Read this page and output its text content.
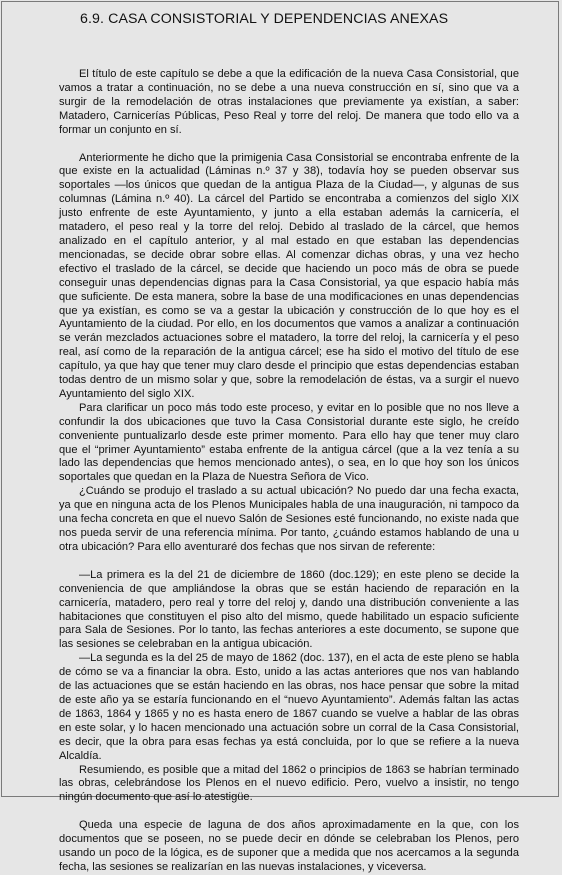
6.9. CASA CONSISTORIAL Y DEPENDENCIAS ANEXAS

El título de este capítulo se debe a que la edificación de la nueva Casa Consistorial, que vamos a tratar a continuación, no se debe a una nueva construcción en sí, sino que va a surgir de la remodelación de otras instalaciones que previamente ya existían, a saber: Matadero, Carnicerías Públicas, Peso Real y torre del reloj. De manera que todo ello va a formar un conjunto en sí.

Anteriormente he dicho que la primigenia Casa Consistorial se encontraba enfrente de la que existe en la actualidad (Láminas n.º 37 y 38), todavía hoy se pueden observar sus soportales —los únicos que quedan de la antigua Plaza de la Ciudad—, y algunas de sus columnas (Lámina n.º 40). La cárcel del Partido se encontraba a comienzos del siglo XIX justo enfrente de este Ayuntamiento, y junto a ella estaban además la carnicería, el matadero, el peso real y la torre del reloj. Debido al traslado de la cárcel, que hemos analizado en el capítulo anterior, y al mal estado en que estaban las dependencias mencionadas, se decide obrar sobre ellas. Al comenzar dichas obras, y una vez hecho efectivo el traslado de la cárcel, se decide que haciendo un poco más de obra se puede conseguir unas dependencias dignas para la Casa Consistorial, ya que espacio había más que suficiente. De esta manera, sobre la base de una modificaciones en unas dependencias que ya existían, es como se va a gestar la ubicación y construcción de lo que hoy es el Ayuntamiento de la ciudad. Por ello, en los documentos que vamos a analizar a continuación se verán mezclados actuaciones sobre el matadero, la torre del reloj, la carnicería y el peso real, así como de la reparación de la antigua cárcel; ese ha sido el motivo del título de ese capítulo, ya que hay que tener muy claro desde el principio que estas dependencias estaban todas dentro de un mismo solar y que, sobre la remodelación de éstas, va a surgir el nuevo Ayuntamiento del siglo XIX.

Para clarificar un poco más todo este proceso, y evitar en lo posible que no nos lleve a confundir la dos ubicaciones que tuvo la Casa Consistorial durante este siglo, he creído conveniente puntualizarlo desde este primer momento. Para ello hay que tener muy claro que el “primer Ayuntamiento” estaba enfrente de la antigua cárcel (que a la vez tenía a su lado las dependencias que hemos mencionado antes), o sea, en lo que hoy son los únicos soportales que quedan en la Plaza de Nuestra Señora de Vico.

¿Cuándo se produjo el traslado a su actual ubicación? No puedo dar una fecha exacta, ya que en ninguna acta de los Plenos Municipales habla de una inauguración, ni tampoco da una fecha concreta en que el nuevo Salón de Sesiones esté funcionando, no existe nada que nos pueda servir de una referencia mínima. Por tanto, ¿cuándo estamos hablando de una u otra ubicación? Para ello aventuraré dos fechas que nos sirvan de referente:

—La primera es la del 21 de diciembre de 1860 (doc.129); en este pleno se decide la conveniencia de que ampliándose la obras que se están haciendo de reparación en la carnicería, matadero, pero real y torre del reloj y, dando una distribución conveniente a las habitaciones que constituyen el piso alto del mismo, quede habilitado un espacio suficiente para Sala de Sesiones. Por lo tanto, las fechas anteriores a este documento, se supone que las sesiones se celebraban en la antigua ubicación.

—La segunda es la del 25 de mayo de 1862 (doc. 137), en el acta de este pleno se habla de cómo se va a financiar la obra. Esto, unido a las actas anteriores que nos van hablando de las actuaciones que se están haciendo en las obras, nos hace pensar que sobre la mitad de este año ya se estaría funcionando en el “nuevo Ayuntamiento”. Además faltan las actas de 1863, 1864 y 1865 y no es hasta enero de 1867 cuando se vuelve a hablar de las obras en este solar, y lo hacen mencionado una actuación sobre un corral de la Casa Consistorial, es decir, que la obra para esas fechas ya está concluida, por lo que se refiere a la nueva Alcaldía.

Resumiendo, es posible que a mitad del 1862 o principios de 1863 se habrían terminado las obras, celebrándose los Plenos en el nuevo edificio. Pero, vuelvo a insistir, no tengo ningún documento que así lo atestigüe.

Queda una especie de laguna de dos años aproximadamente en la que, con los documentos que se poseen, no se puede decir en dónde se celebraban los Plenos, pero usando un poco de la lógica, es de suponer que a medida que nos acercamos a la segunda fecha, las sesiones se realizarían en las nuevas instalaciones, y viceversa.
